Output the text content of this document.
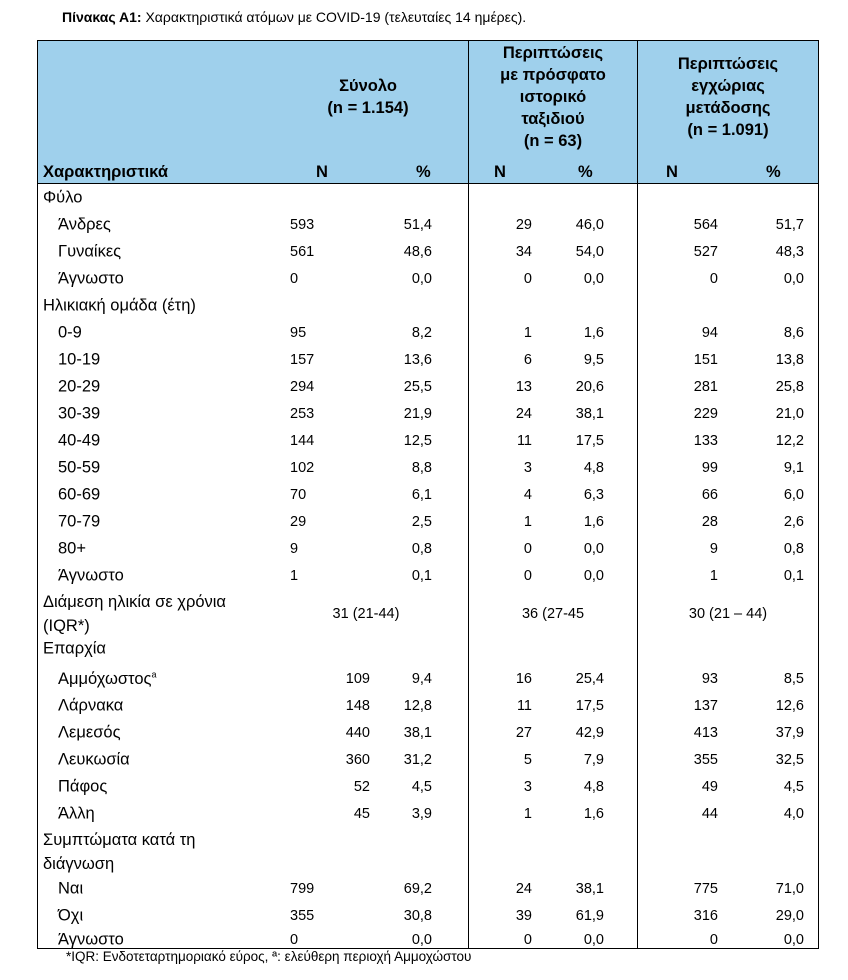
Πίνακας Α1: Χαρακτηριστικά ατόμων με COVID-19 (τελευταίες 14 ημέρες).
Σύνολο
(n = 1.154)
Περιπτώσεις
με πρόσφατο
ιστορικό
ταξιδιού
(n = 63)
Περιπτώσεις
εγχώριας
μετάδοσης
(n = 1.091)
Χαρακτηριστικά	N	%	N	%	N	%
Φύλο
Άνδρες	593	51,4	29	46,0	564	51,7
Γυναίκες	561	48,6	34	54,0	527	48,3
Άγνωστο	0	0,0	0	0,0	0	0,0
Ηλικιακή ομάδα (έτη)
0-9	95	8,2	1	1,6	94	8,6
10-19	157	13,6	6	9,5	151	13,8
20-29	294	25,5	13	20,6	281	25,8
30-39	253	21,9	24	38,1	229	21,0
40-49	144	12,5	11	17,5	133	12,2
50-59	102	8,8	3	4,8	99	9,1
60-69	70	6,1	4	6,3	66	6,0
70-79	29	2,5	1	1,6	28	2,6
80+	9	0,8	0	0,0	9	0,8
Άγνωστο	1	0,1	0	0,0	1	0,1
Διάμεση ηλικία σε χρόνια (IQR*)
31 (21-44)	36 (27-45	30 (21 – 44)
Επαρχία
Αμμόχωστος$^a$	109	9,4	16	25,4	93	8,5
Λάρνακα	148	12,8	11	17,5	137	12,6
Λεμεσός	440	38,1	27	42,9	413	37,9
Λευκωσία	360	31,2	5	7,9	355	32,5
Πάφος	52	4,5	3	4,8	49	4,5
Άλλη	45	3,9	1	1,6	44	4,0
Συμπτώματα κατά τη διάγνωση
Ναι	799	69,2	24	38,1	775	71,0
Όχι	355	30,8	39	61,9	316	29,0
Άγνωστο	0	0,0	0	0,0	0	0,0
*IQR: Ενδοτεταρτημοριακό εύρος, ª: ελεύθερη περιοχή Αμμοχώστου
